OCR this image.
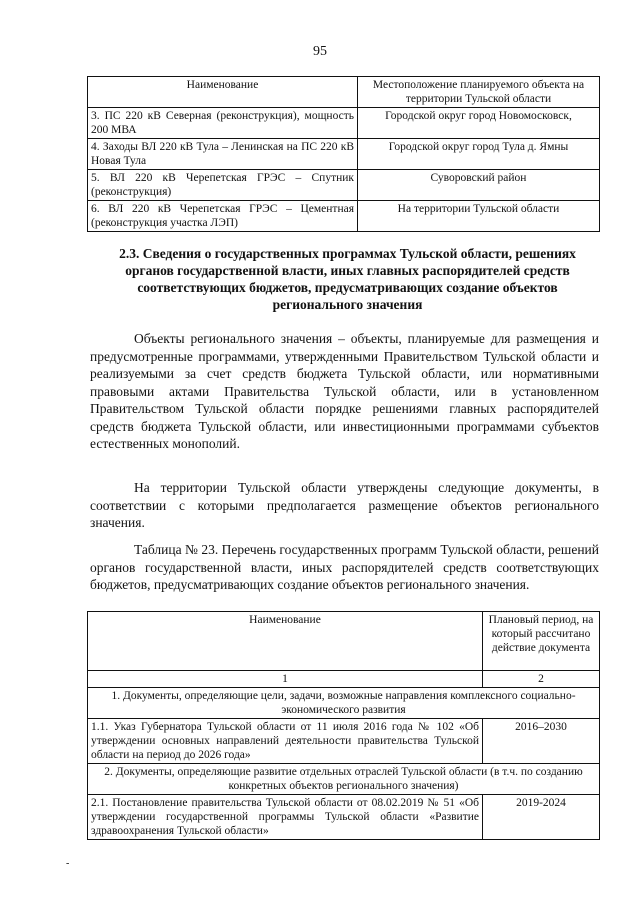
95
Наименование	Местоположение планируемого объекта на территории Тульской области
3. ПС 220 кВ Северная (реконструкция), мощность 200 МВА	Городской округ город Новомосковск,
4. Заходы ВЛ 220 кВ Тула – Ленинская на ПС 220 кВ Новая Тула	Городской округ город Тула д. Ямны
5. ВЛ 220 кВ Черепетская ГРЭС – Спутник (реконструкция)	Суворовский район
6. ВЛ 220 кВ Черепетская ГРЭС – Цементная (реконструкция участка ЛЭП)	На территории Тульской области
2.3. Сведения о государственных программах Тульской области, решениях органов государственной власти, иных главных распорядителей средств соответствующих бюджетов, предусматривающих создание объектов регионального значения
Объекты регионального значения – объекты, планируемые для размещения и предусмотренные программами, утвержденными Правительством Тульской области и реализуемыми за счет средств бюджета Тульской области, или нормативными правовыми актами Правительства Тульской области, или в установленном Правительством Тульской области порядке решениями главных распорядителей средств бюджета Тульской области, или инвестиционными программами субъектов естественных монополий.
На территории Тульской области утверждены следующие документы, в соответствии с которыми предполагается размещение объектов регионального значения.
Таблица № 23. Перечень государственных программ Тульской области, решений органов государственной власти, иных распорядителей средств соответствующих бюджетов, предусматривающих создание объектов регионального значения.
Наименование	Плановый период, на который рассчитано действие документа
1	2
1. Документы, определяющие цели, задачи, возможные направления комплексного социально-экономического развития	
1.1. Указ Губернатора Тульской области от 11 июля 2016 года № 102 «Об утверждении основных направлений деятельности правительства Тульской области на период до 2026 года»	2016–2030
2. Документы, определяющие развитие отдельных отраслей Тульской области (в т.ч. по созданию конкретных объектов регионального значения)	
2.1. Постановление правительства Тульской области от 08.02.2019 № 51 «Об утверждении государственной программы Тульской области «Развитие здравоохранения Тульской области»	2019-2024
-
